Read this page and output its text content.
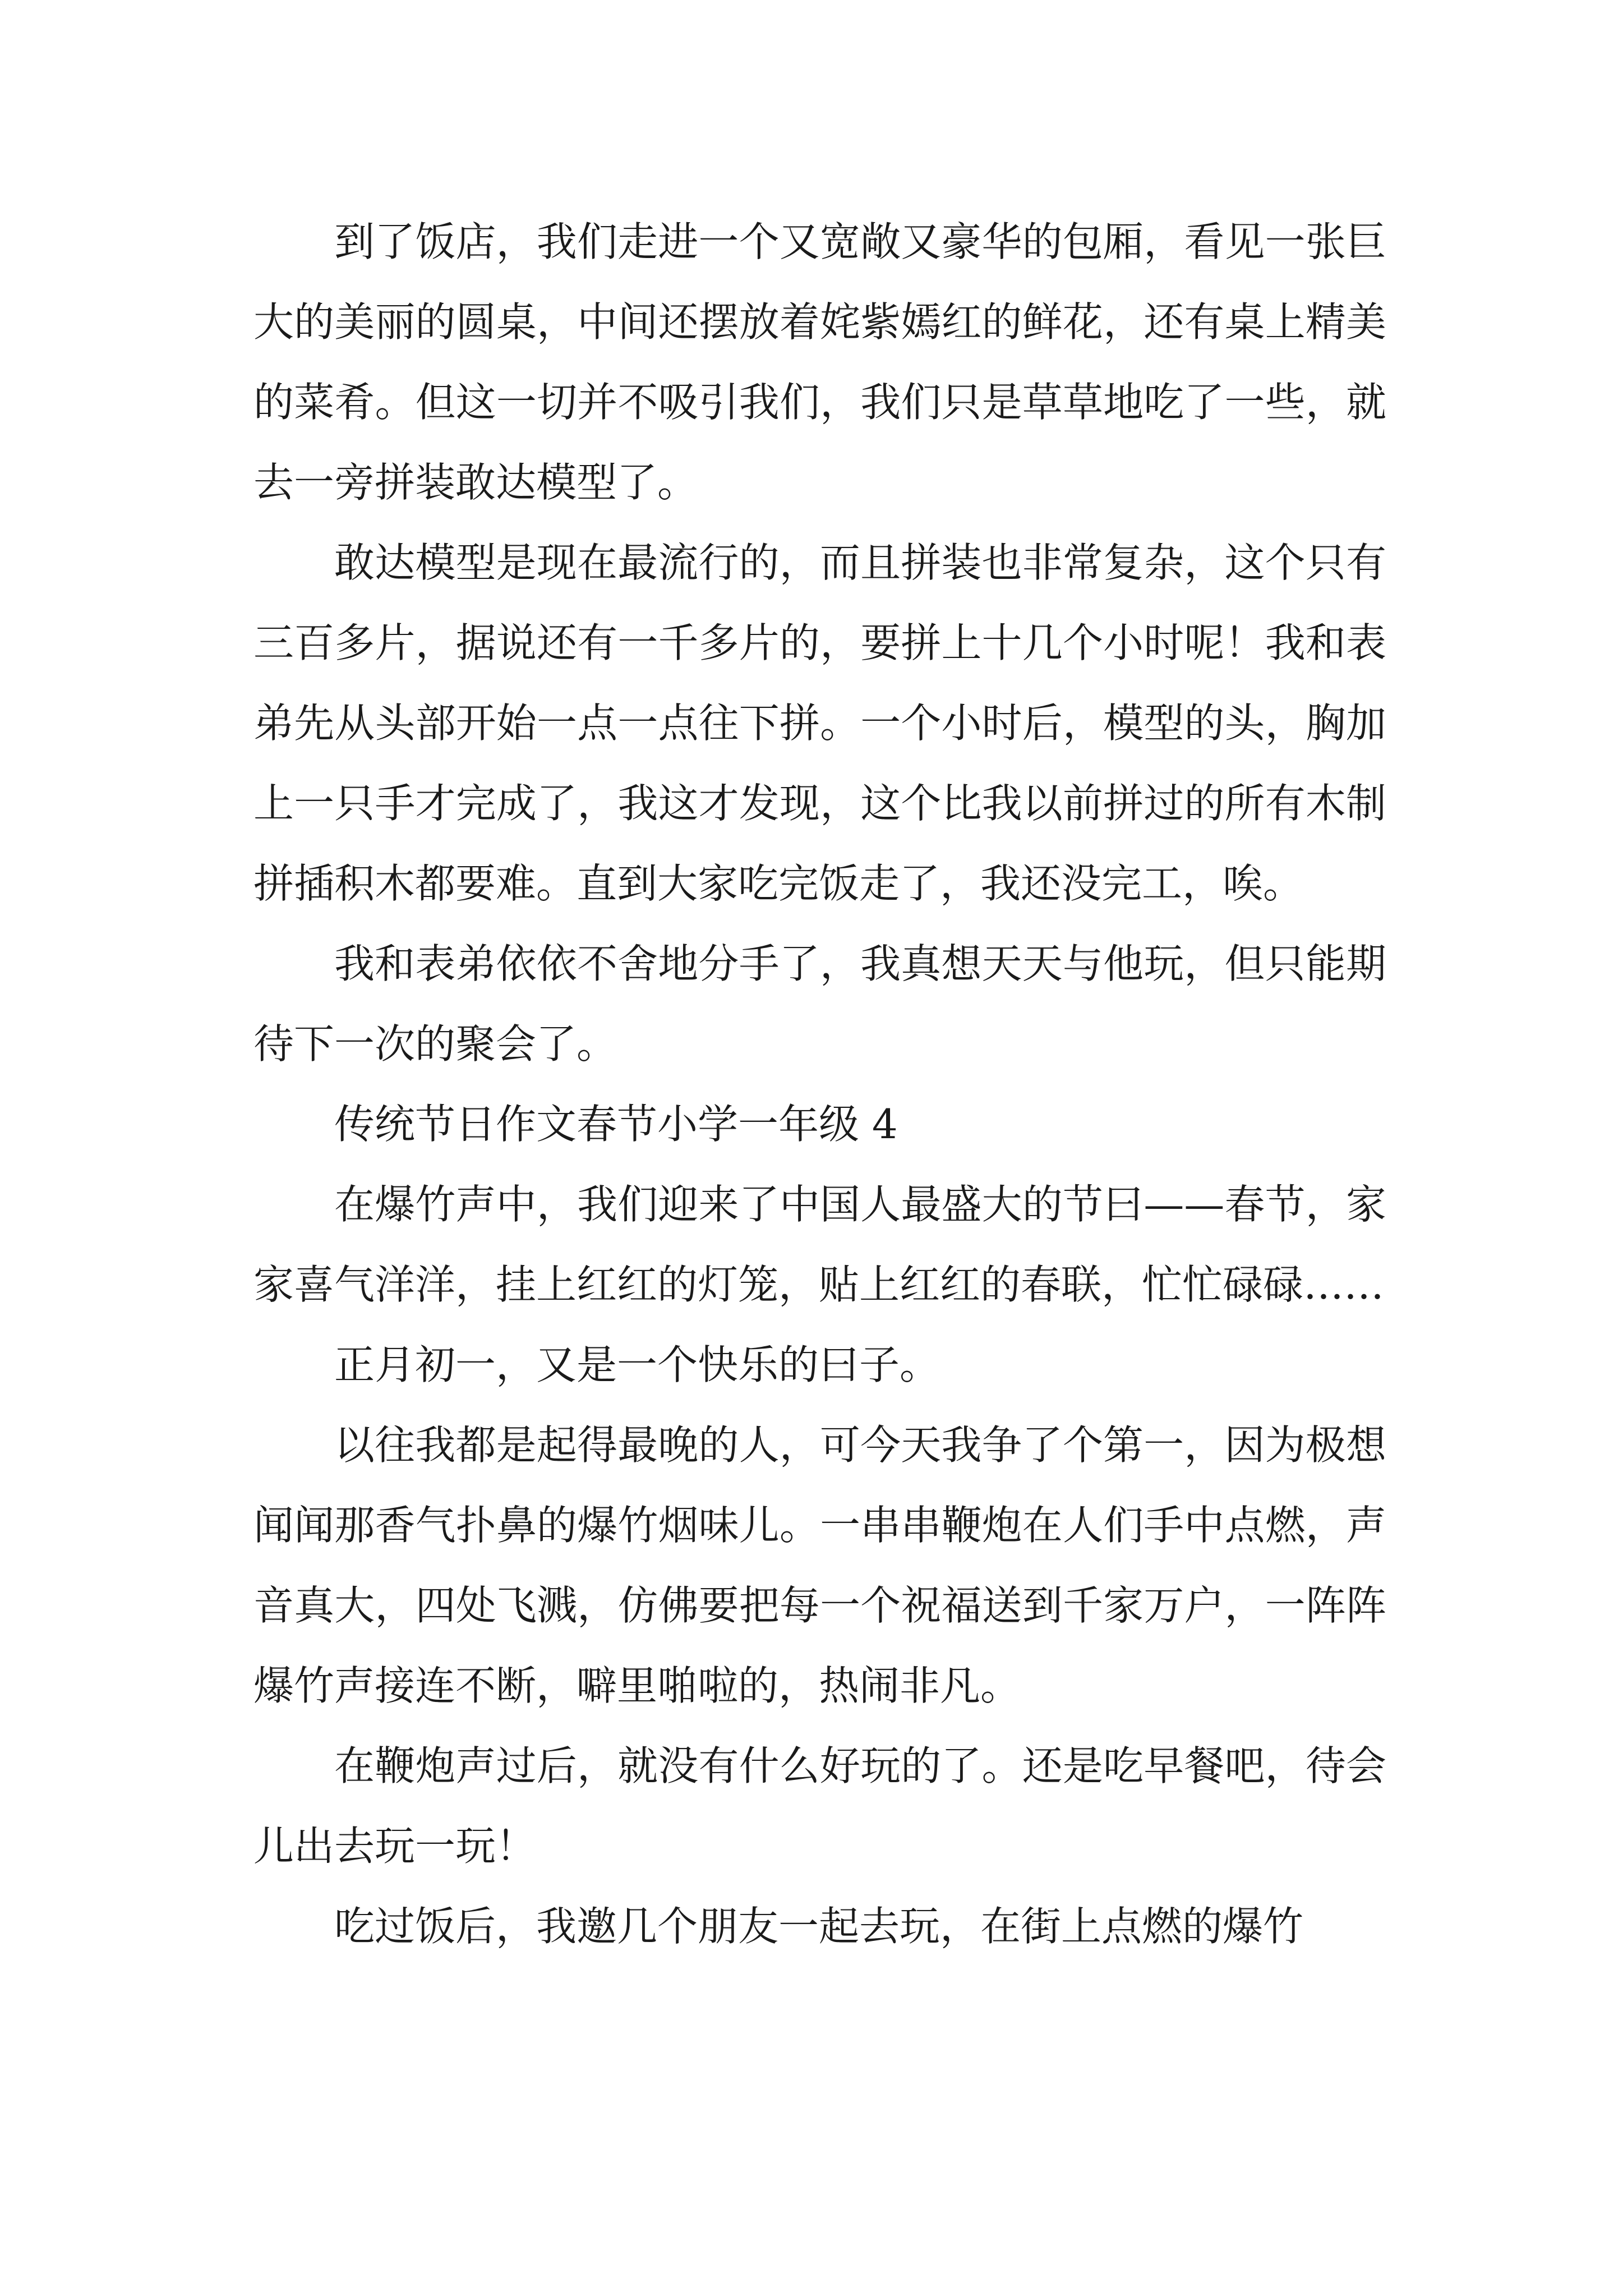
到了饭店，我们走进一个又宽敞又豪华的包厢，看见一张巨大的美丽的圆桌，中间还摆放着姹紫嫣红的鲜花，还有桌上精美的菜肴。但这一切并不吸引我们，我们只是草草地吃了一些，就去一旁拼装敢达模型了。

敢达模型是现在最流行的，而且拼装也非常复杂，这个只有三百多片，据说还有一千多片的，要拼上十几个小时呢！我和表弟先从头部开始一点一点往下拼。一个小时后，模型的头，胸加上一只手才完成了，我这才发现，这个比我以前拼过的所有木制拼插积木都要难。直到大家吃完饭走了，我还没完工，唉。

我和表弟依依不舍地分手了，我真想天天与他玩，但只能期待下一次的聚会了。

传统节日作文春节小学一年级 4

在爆竹声中，我们迎来了中国人最盛大的节曰——春节，家家喜气洋洋，挂上红红的灯笼，贴上红红的春联，忙忙碌碌……

正月初一，又是一个快乐的曰子。

以往我都是起得最晚的人，可今天我争了个第一，因为极想闻闻那香气扑鼻的爆竹烟味儿。一串串鞭炮在人们手中点燃，声音真大，四处飞溅，仿佛要把每一个祝福送到千家万户，一阵阵爆竹声接连不断，噼里啪啦的，热闹非凡。

在鞭炮声过后，就没有什么好玩的了。还是吃早餐吧，待会儿出去玩一玩！

吃过饭后，我邀几个朋友一起去玩，在街上点燃的爆竹
